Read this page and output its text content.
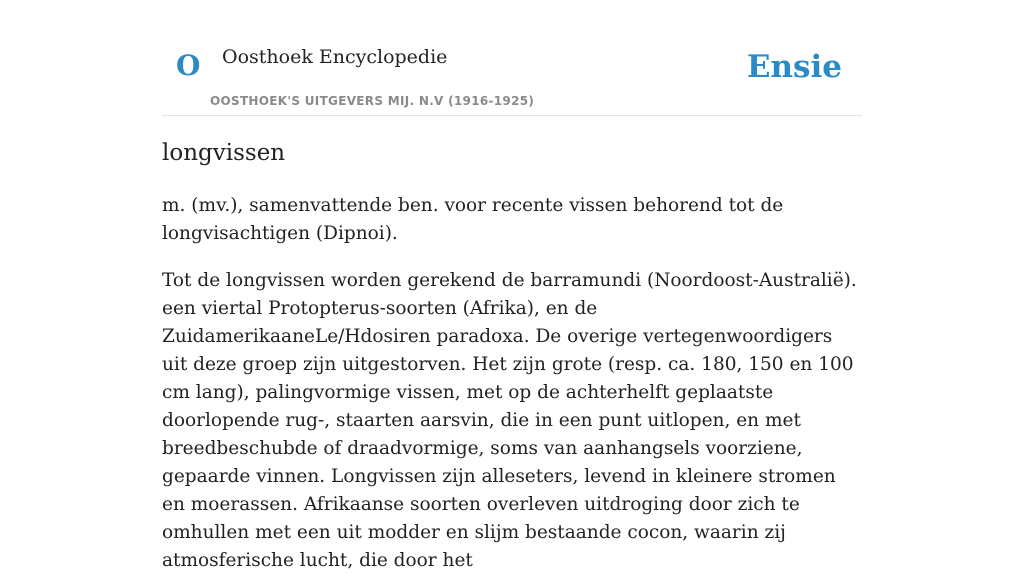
O Oosthoek Encyclopedie
OOSTHOEK'S UITGEVERS MIJ. N.V (1916-1925)
Ensie
longvissen

m. (mv.), samenvattende ben. voor recente vissen behorend tot de longvisachtigen (Dipnoi).

Tot de longvissen worden gerekend de barramundi (Noordoost-Australië). een viertal Protopterus-soorten (Afrika), en de ZuidamerikaaneLe/Hdosiren paradoxa. De overige vertegenwoordigers uit deze groep zijn uitgestorven. Het zijn grote (resp. ca. 180, 150 en 100 cm lang), palingvormige vissen, met op de achterhelft geplaatste doorlopende rug-, staarten aarsvin, die in een punt uitlopen, en met breedbeschubde of draadvormige, soms van aanhangsels voorziene, gepaarde vinnen. Longvissen zijn alleseters, levend in kleinere stromen en moerassen. Afrikaanse soorten overleven uitdroging door zich te omhullen met een uit modder en slijm bestaande cocon, waarin zij atmosferische lucht, die door het
